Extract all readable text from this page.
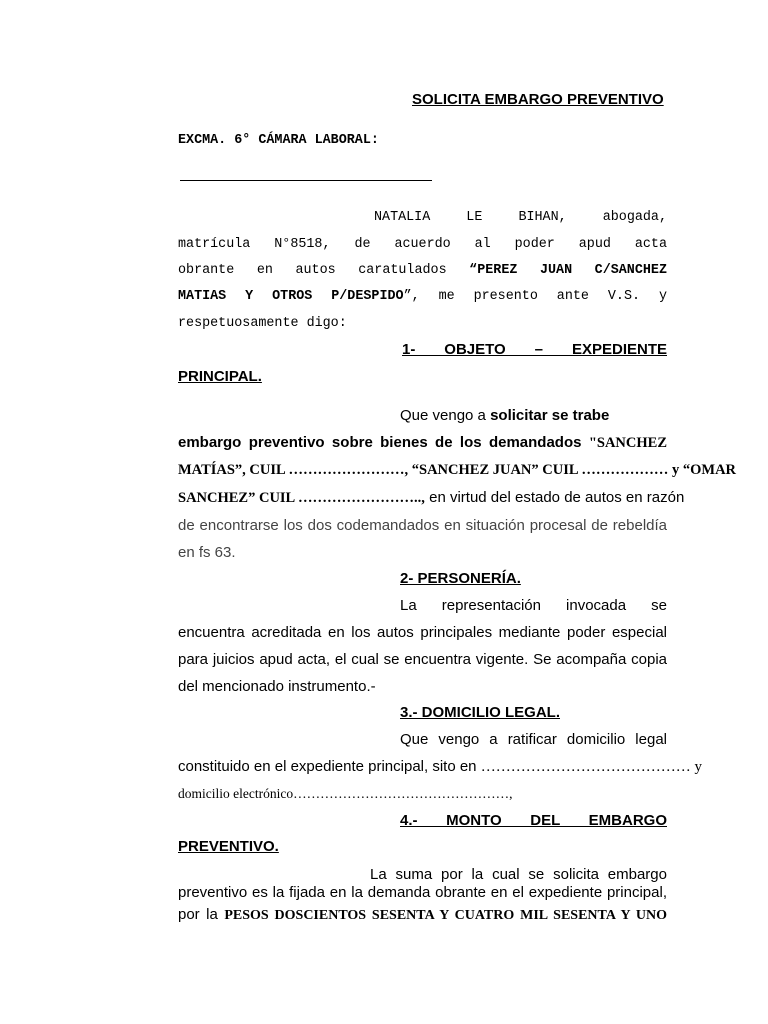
SOLICITA EMBARGO PREVENTIVO
EXCMA. 6° CÁMARA LABORAL:
NATALIA    LE    BIHAN,    abogada,
matrícula N°8518, de acuerdo al poder apud acta
obrante en autos caratulados “PEREZ JUAN C/SANCHEZ
MATIAS Y OTROS P/DESPIDO”, me presento ante V.S. y
respetuosamente digo:
1-    OBJETO    –    EXPEDIENTE
PRINCIPAL.
Que vengo a solicitar se trabe
embargo preventivo sobre bienes de los demandados "SANCHEZ
MATÍAS”, CUIL ……………………, “SANCHEZ JUAN” CUIL ……………… y “OMAR
SANCHEZ” CUIL …………………….., en virtud del estado de autos en razón
de encontrarse los dos codemandados en situación procesal de rebeldía
en fs 63.
2- PERSONERÍA.
La   representación   invocada   se
encuentra acreditada en los autos principales mediante poder especial
para juicios apud acta, el cual se encuentra vigente. Se acompaña copia
del mencionado instrumento.-
3.- DOMICILIO LEGAL.
Que vengo a ratificar domicilio legal
constituido en el expediente principal, sito en …………………………………… y
domicilio electrónico…………………………………………,
4.-    MONTO    DEL    EMBARGO
PREVENTIVO.
La suma por la cual se solicita embargo
preventivo es la fijada en la demanda obrante en el expediente principal,
por la PESOS DOSCIENTOS SESENTA Y CUATRO MIL SESENTA Y UNO
